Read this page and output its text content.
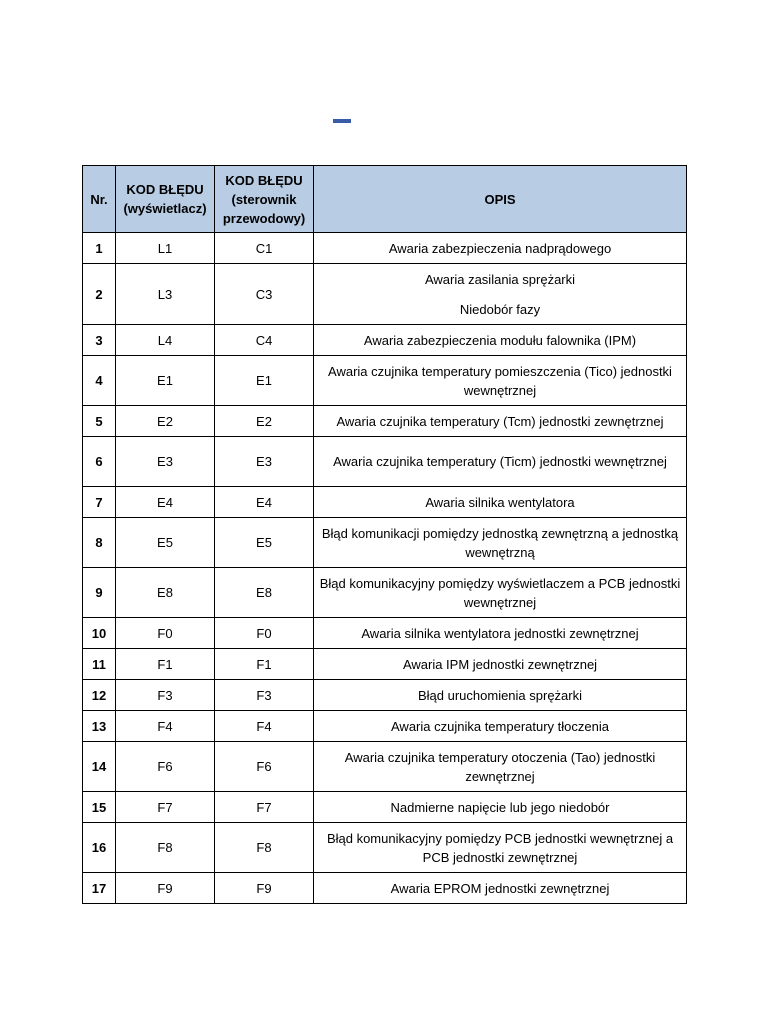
Nr.	KOD BŁĘDU (wyświetlacz)	KOD BŁĘDU (sterownik przewodowy)	OPIS
1	L1	C1	Awaria zabezpieczenia nadprądowego
2	L3	C3	Awaria zasilania sprężarki
Niedobór fazy

3	L4	C4	Awaria zabezpieczenia modułu falownika (IPM)
4	E1	E1	Awaria czujnika temperatury pomieszczenia (Tico) jednostki wewnętrznej
5	E2	E2	Awaria czujnika temperatury (Tcm) jednostki zewnętrznej
6	E3	E3	Awaria czujnika temperatury (Ticm) jednostki wewnętrznej
7	E4	E4	Awaria silnika wentylatora
8	E5	E5	Błąd komunikacji pomiędzy jednostką zewnętrzną a jednostką wewnętrzną
9	E8	E8	Błąd komunikacyjny pomiędzy wyświetlaczem a PCB jednostki wewnętrznej
10	F0	F0	Awaria silnika wentylatora jednostki zewnętrznej
11	F1	F1	Awaria IPM jednostki zewnętrznej
12	F3	F3	Błąd uruchomienia sprężarki
13	F4	F4	Awaria czujnika temperatury tłoczenia
14	F6	F6	Awaria czujnika temperatury otoczenia (Tao) jednostki zewnętrznej
15	F7	F7	Nadmierne napięcie lub jego niedobór
16	F8	F8	Błąd komunikacyjny pomiędzy PCB jednostki wewnętrznej a PCB jednostki zewnętrznej
17	F9	F9	Awaria EPROM jednostki zewnętrznej
